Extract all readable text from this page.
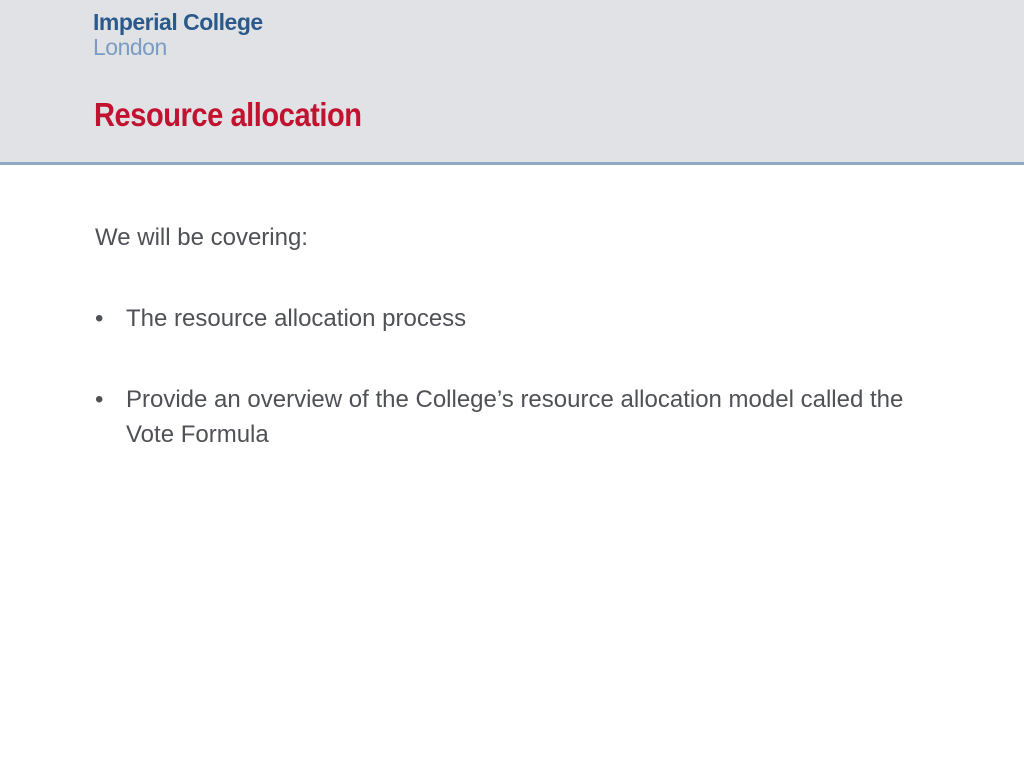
Imperial College
London
Resource allocation

We will be covering:

• The resource allocation process
• Provide an overview of the College’s resource allocation model called the Vote Formula
